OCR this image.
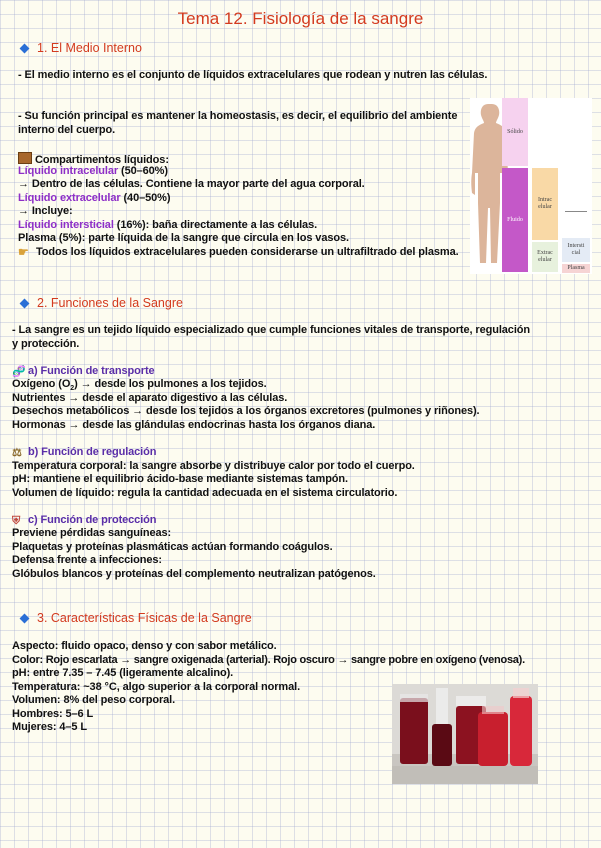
Tema 12. Fisiología de la sangre
1. El Medio Interno
- El medio interno es el conjunto de líquidos extracelulares que rodean y nutren las células.
- Su función principal es mantener la homeostasis, es decir, el equilibrio del ambiente interno del cuerpo.
Compartimentos líquidos:
Líquido intracelular (50–60%)
→ Dentro de las células. Contiene la mayor parte del agua corporal.
Líquido extracelular (40–50%)
→ Incluye:
Líquido intersticial (16%): baña directamente a las células.
Plasma (5%): parte líquida de la sangre que circula en los vasos.
☛ Todos los líquidos extracelulares pueden considerarse un ultrafiltrado del plasma.
Sólido
Fluido
Intrac
elular
Extrac
elular
Intersti
cial
Plasma
2. Funciones de la Sangre
- La sangre es un tejido líquido especializado que cumple funciones vitales de transporte, regulación y protección.
🧬 a) Función de transporte
Oxígeno $(O_2)$ → desde los pulmones a los tejidos.
Nutrientes → desde el aparato digestivo a las células.
Desechos metabólicos → desde los tejidos a los órganos excretores (pulmones y riñones).
Hormonas → desde las glándulas endocrinas hasta los órganos diana.
⚖ b) Función de regulación
Temperatura corporal: la sangre absorbe y distribuye calor por todo el cuerpo.
pH: mantiene el equilibrio ácido-base mediante sistemas tampón.
Volumen de líquido: regula la cantidad adecuada en el sistema circulatorio.
⛨ c) Función de protección
Previene pérdidas sanguíneas:
Plaquetas y proteínas plasmáticas actúan formando coágulos.
Defensa frente a infecciones:
Glóbulos blancos y proteínas del complemento neutralizan patógenos.
3. Características Físicas de la Sangre
Aspecto: fluido opaco, denso y con sabor metálico.
Color: Rojo escarlata → sangre oxigenada (arterial). Rojo oscuro → sangre pobre en oxígeno (venosa).
pH: entre 7.35 – 7.45 (ligeramente alcalino).
Temperatura: ~38 °C, algo superior a la corporal normal.
Volumen: 8% del peso corporal.
Hombres: 5–6 L
Mujeres: 4–5 L
